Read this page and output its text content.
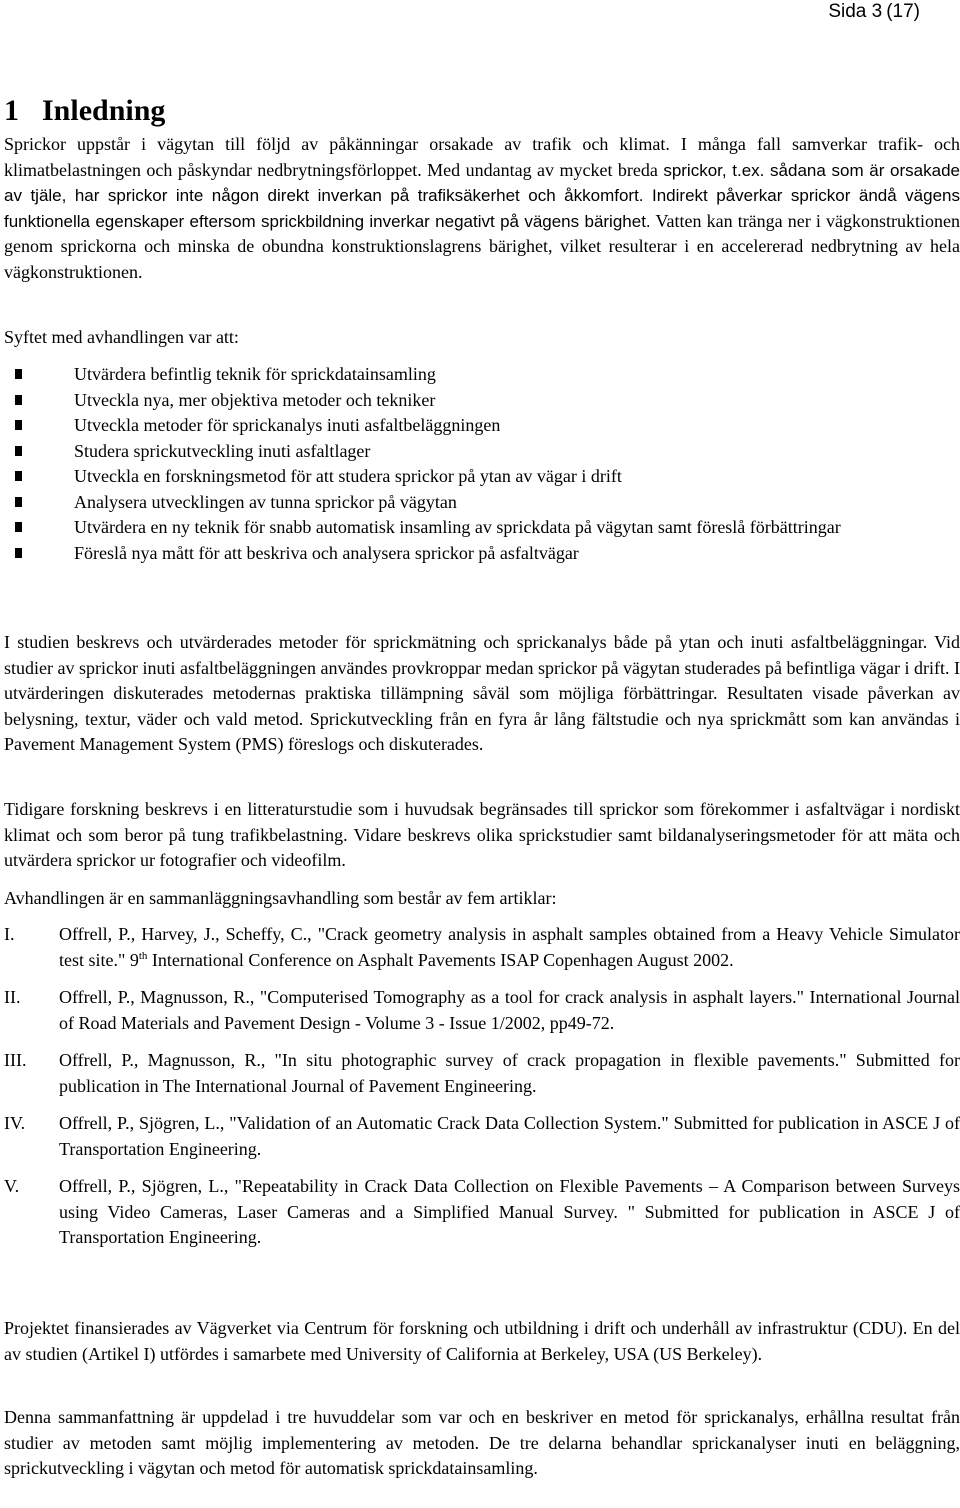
Sida 3 (17)
1 Inledning

Sprickor uppstår i vägytan till följd av påkänningar orsakade av trafik och klimat. I många fall samverkar trafik- och klimatbelastningen och påskyndar nedbrytningsförloppet. Med undantag av mycket breda sprickor, t.ex. sådana som är orsakade av tjäle, har sprickor inte någon direkt inverkan på trafiksäkerhet och åkkomfort. Indirekt påverkar sprickor ändå vägens funktionella egenskaper eftersom sprickbildning inverkar negativt på vägens bärighet. Vatten kan tränga ner i vägkonstruktionen genom sprickorna och minska de obundna konstruktionslagrens bärighet, vilket resulterar i en accelererad nedbrytning av hela vägkonstruktionen.

Syftet med avhandlingen var att:

Utvärdera befintlig teknik för sprickdatainsamling
Utveckla nya, mer objektiva metoder och tekniker
Utveckla metoder för sprickanalys inuti asfaltbeläggningen
Studera sprickutveckling inuti asfaltlager
Utveckla en forskningsmetod för att studera sprickor på ytan av vägar i drift
Analysera utvecklingen av tunna sprickor på vägytan
Utvärdera en ny teknik för snabb automatisk insamling av sprickdata på vägytan samt föreslå förbättringar
Föreslå nya mått för att beskriva och analysera sprickor på asfaltvägar

I studien beskrevs och utvärderades metoder för sprickmätning och sprickanalys både på ytan och inuti asfaltbeläggningar. Vid studier av sprickor inuti asfaltbeläggningen användes provkroppar medan sprickor på vägytan studerades på befintliga vägar i drift. I utvärderingen diskuterades metodernas praktiska tillämpning såväl som möjliga förbättringar. Resultaten visade påverkan av belysning, textur, väder och vald metod. Sprickutveckling från en fyra år lång fältstudie och nya sprickmått som kan användas i Pavement Management System (PMS) föreslogs och diskuterades.

Tidigare forskning beskrevs i en litteraturstudie som i huvudsak begränsades till sprickor som förekommer i asfaltvägar i nordiskt klimat och som beror på tung trafikbelastning. Vidare beskrevs olika sprickstudier samt bildanalyseringsmetoder för att mäta och utvärdera sprickor ur fotografier och videofilm.

Avhandlingen är en sammanläggningsavhandling som består av fem artiklar:

I. Offrell, P., Harvey, J., Scheffy, C., "Crack geometry analysis in asphalt samples obtained from a Heavy Vehicle Simulator test site." 9th International Conference on Asphalt Pavements ISAP Copenhagen August 2002.

II. Offrell, P., Magnusson, R., "Computerised Tomography as a tool for crack analysis in asphalt layers." International Journal of Road Materials and Pavement Design - Volume 3 - Issue 1/2002, pp49-72.

III. Offrell, P., Magnusson, R., "In situ photographic survey of crack propagation in flexible pavements." Submitted for publication in The International Journal of Pavement Engineering.

IV. Offrell, P., Sjögren, L., "Validation of an Automatic Crack Data Collection System." Submitted for publication in ASCE J of Transportation Engineering.

V. Offrell, P., Sjögren, L., "Repeatability in Crack Data Collection on Flexible Pavements – A Comparison between Surveys using Video Cameras, Laser Cameras and a Simplified Manual Survey. " Submitted for publication in ASCE J of Transportation Engineering.

Projektet finansierades av Vägverket via Centrum för forskning och utbildning i drift och underhåll av infrastruktur (CDU). En del av studien (Artikel I) utfördes i samarbete med University of California at Berkeley, USA (US Berkeley).

Denna sammanfattning är uppdelad i tre huvuddelar som var och en beskriver en metod för sprickanalys, erhållna resultat från studier av metoden samt möjlig implementering av metoden. De tre delarna behandlar sprickanalyser inuti en beläggning, sprickutveckling i vägytan och metod för automatisk sprickdatainsamling.
